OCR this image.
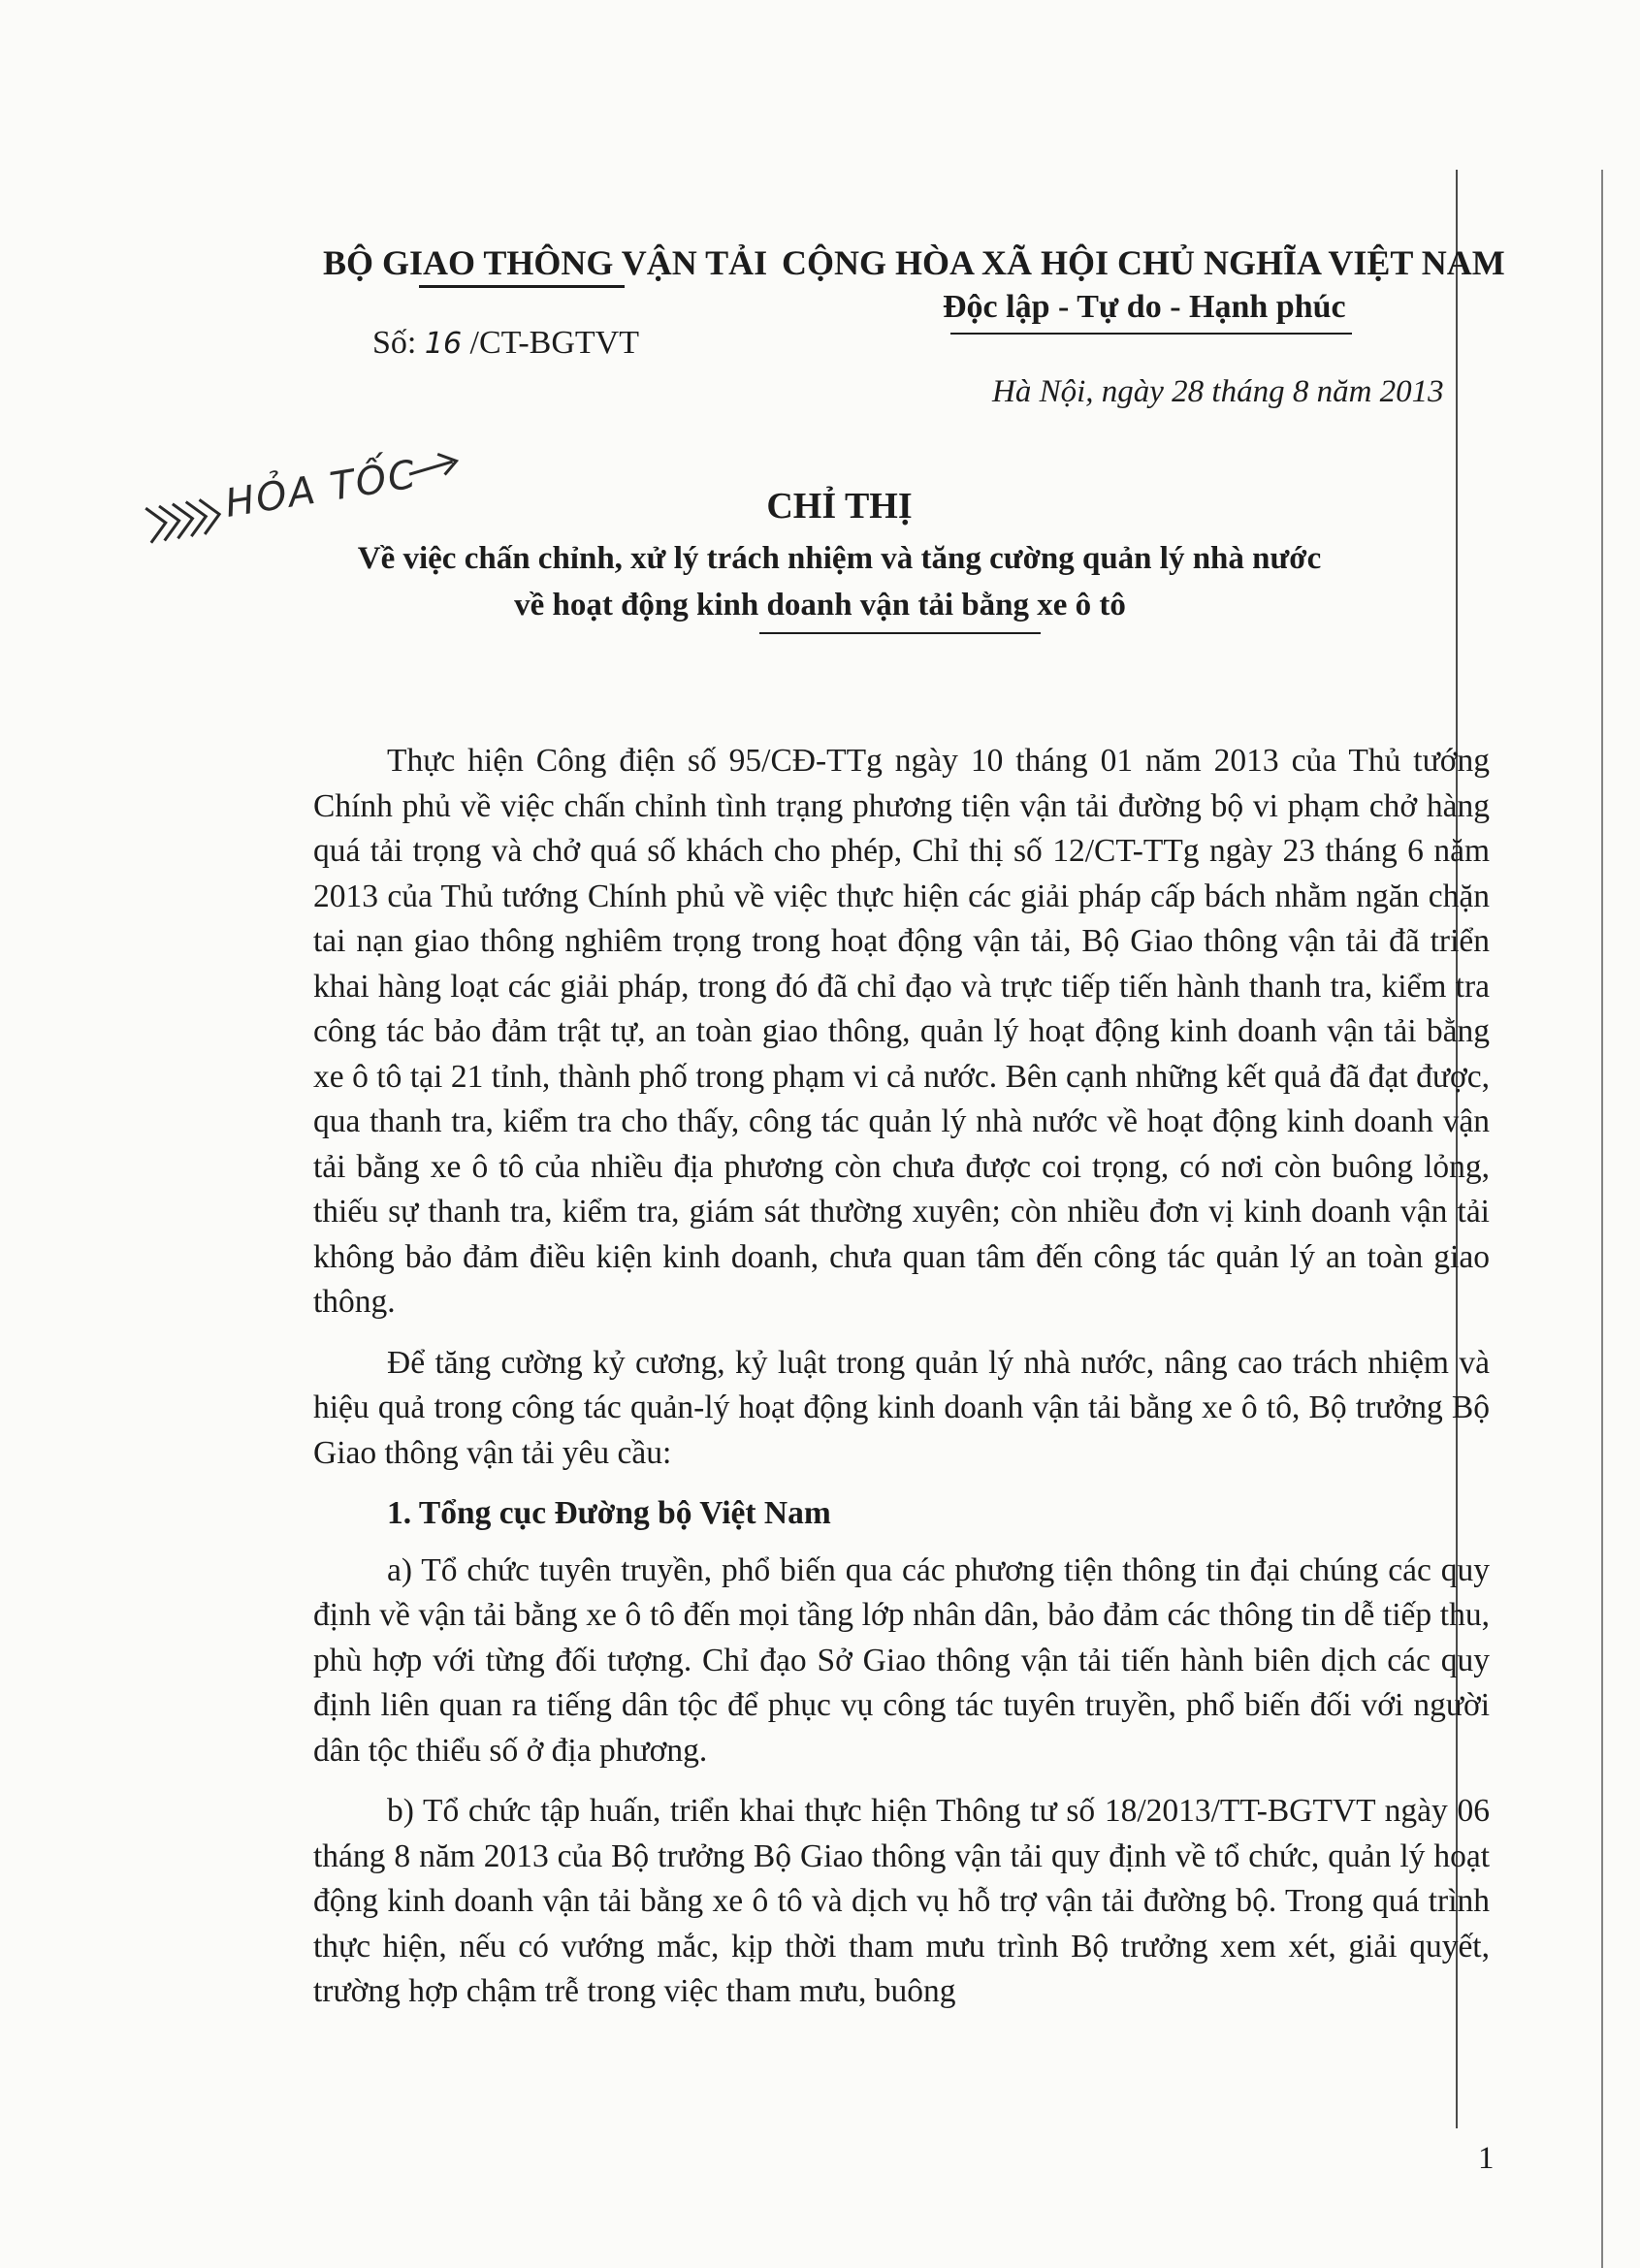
BỘ GIAO THÔNG VẬN TẢI CỘNG HÒA XÃ HỘI CHỦ NGHĨA VIỆT NAM
Độc lập - Tự do - Hạnh phúc
Số: 16 /CT-BGTVT
Hà Nội, ngày 28 tháng 8 năm 2013
HỎA TỐC	CHỈ THỊ
Về việc chấn chỉnh, xử lý trách nhiệm và tăng cường quản lý nhà nước
về hoạt động kinh doanh vận tải bằng xe ô tô

Thực hiện Công điện số 95/CĐ-TTg ngày 10 tháng 01 năm 2013 của Thủ tướng Chính phủ về việc chấn chỉnh tình trạng phương tiện vận tải đường bộ vi phạm chở hàng quá tải trọng và chở quá số khách cho phép, Chỉ thị số 12/CT-TTg ngày 23 tháng 6 năm 2013 của Thủ tướng Chính phủ về việc thực hiện các giải pháp cấp bách nhằm ngăn chặn tai nạn giao thông nghiêm trọng trong hoạt động vận tải, Bộ Giao thông vận tải đã triển khai hàng loạt các giải pháp, trong đó đã chỉ đạo và trực tiếp tiến hành thanh tra, kiểm tra công tác bảo đảm trật tự, an toàn giao thông, quản lý hoạt động kinh doanh vận tải bằng xe ô tô tại 21 tỉnh, thành phố trong phạm vi cả nước. Bên cạnh những kết quả đã đạt được, qua thanh tra, kiểm tra cho thấy, công tác quản lý nhà nước về hoạt động kinh doanh vận tải bằng xe ô tô của nhiều địa phương còn chưa được coi trọng, có nơi còn buông lỏng, thiếu sự thanh tra, kiểm tra, giám sát thường xuyên; còn nhiều đơn vị kinh doanh vận tải không bảo đảm điều kiện kinh doanh, chưa quan tâm đến công tác quản lý an toàn giao thông.

Để tăng cường kỷ cương, kỷ luật trong quản lý nhà nước, nâng cao trách nhiệm và hiệu quả trong công tác quản-lý hoạt động kinh doanh vận tải bằng xe ô tô, Bộ trưởng Bộ Giao thông vận tải yêu cầu:

1. Tổng cục Đường bộ Việt Nam

a) Tổ chức tuyên truyền, phổ biến qua các phương tiện thông tin đại chúng các quy định về vận tải bằng xe ô tô đến mọi tầng lớp nhân dân, bảo đảm các thông tin dễ tiếp thu, phù hợp với từng đối tượng. Chỉ đạo Sở Giao thông vận tải tiến hành biên dịch các quy định liên quan ra tiếng dân tộc để phục vụ công tác tuyên truyền, phổ biến đối với người dân tộc thiểu số ở địa phương.

b) Tổ chức tập huấn, triển khai thực hiện Thông tư số 18/2013/TT-BGTVT ngày 06 tháng 8 năm 2013 của Bộ trưởng Bộ Giao thông vận tải quy định về tổ chức, quản lý hoạt động kinh doanh vận tải bằng xe ô tô và dịch vụ hỗ trợ vận tải đường bộ. Trong quá trình thực hiện, nếu có vướng mắc, kịp thời tham mưu trình Bộ trưởng xem xét, giải quyết, trường hợp chậm trễ trong việc tham mưu, buông

1
